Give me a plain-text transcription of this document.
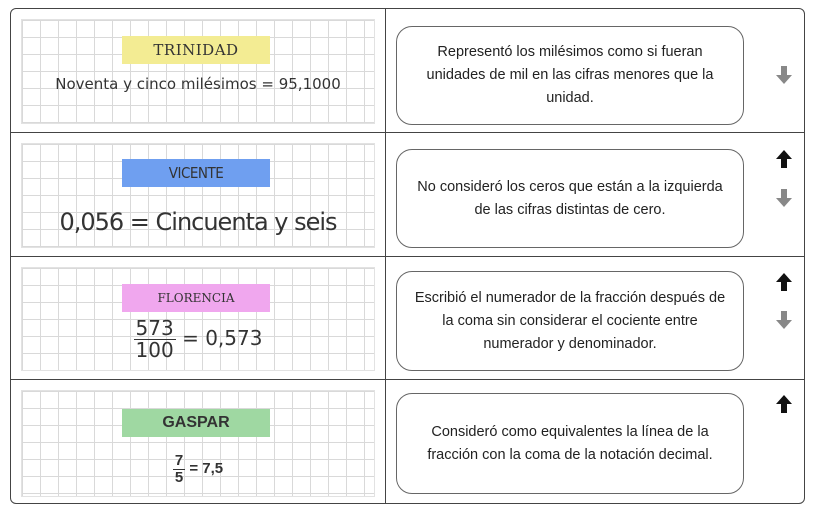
TRINIDAD
Noventa y cinco milésimos = 95,1000
VICENTE
0,056 = Cincuenta y seis
FLORENCIA
$\frac{573}{100} = 0,573$
GASPAR
$\frac{7}{5} = 7,5$
Representó los milésimos como si fueran unidades de mil en las cifras menores que la unidad.
No consideró los ceros que están a la izquierda de las cifras distintas de cero.
Escribió el numerador de la fracción después de la coma sin considerar el cociente entre numerador y denominador.
Consideró como equivalentes la línea de la fracción con la coma de la notación decimal.
